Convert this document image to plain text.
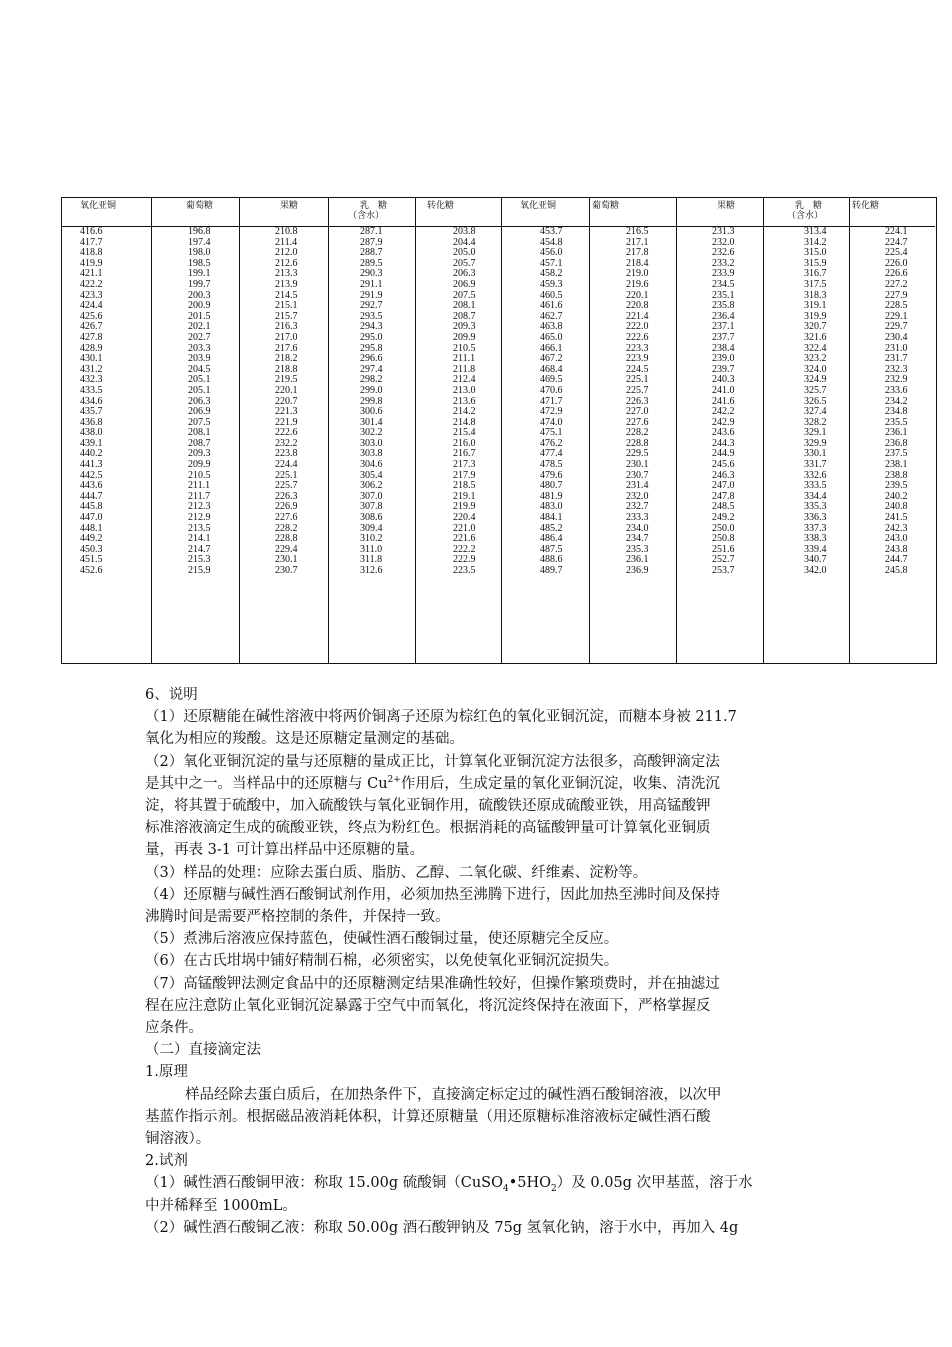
氧化亚铜
416.6
417.7
418.8
419.9
421.1
422.2
423.3
424.4
425.6
426.7
427.8
428.9
430.1
431.2
432.3
433.5
434.6
435.7
436.8
438.0
439.1
440.2
441.3
442.5
443.6
444.7
445.8
447.0
448.1
449.2
450.3
451.5
452.6
葡萄糖
196.8
197.4
198.0
198.5
199.1
199.7
200.3
200.9
201.5
202.1
202.7
203.3
203.9
204.5
205.1
205.1
206.3
206.9
207.5
208.1
208.7
209.3
209.9
210.5
211.1
211.7
212.3
212.9
213.5
214.1
214.7
215.3
215.9
果糖
210.8
211.4
212.0
212.6
213.3
213.9
214.5
215.1
215.7
216.3
217.0
217.6
218.2
218.8
219.5
220.1
220.7
221.3
221.9
222.6
232.2
223.8
224.4
225.1
225.7
226.3
226.9
227.6
228.2
228.8
229.4
230.1
230.7
乳　糖
（含水）
287.1
287.9
288.7
289.5
290.3
291.1
291.9
292.7
293.5
294.3
295.0
295.8
296.6
297.4
298.2
299.0
299.8
300.6
301.4
302.2
303.0
303.8
304.6
305.4
306.2
307.0
307.8
308.6
309.4
310.2
311.0
311.8
312.6
转化糖
203.8
204.4
205.0
205.7
206.3
206.9
207.5
208.1
208.7
209.3
209.9
210.5
211.1
211.8
212.4
213.0
213.6
214.2
214.8
215.4
216.0
216.7
217.3
217.9
218.5
219.1
219.9
220.4
221.0
221.6
222.2
222.9
223.5
氧化亚铜
453.7
454.8
456.0
457.1
458.2
459.3
460.5
461.6
462.7
463.8
465.0
466.1
467.2
468.4
469.5
470.6
471.7
472.9
474.0
475.1
476.2
477.4
478.5
479.6
480.7
481.9
483.0
484.1
485.2
486.4
487.5
488.6
489.7
葡萄糖
216.5
217.1
217.8
218.4
219.0
219.6
220.1
220.8
221.4
222.0
222.6
223.3
223.9
224.5
225.1
225.7
226.3
227.0
227.6
228.2
228.8
229.5
230.1
230.7
231.4
232.0
232.7
233.3
234.0
234.7
235.3
236.1
236.9
果糖
231.3
232.0
232.6
233.2
233.9
234.5
235.1
235.8
236.4
237.1
237.7
238.4
239.0
239.7
240.3
241.0
241.6
242.2
242.9
243.6
244.3
244.9
245.6
246.3
247.0
247.8
248.5
249.2
250.0
250.8
251.6
252.7
253.7
乳　糖
（含水）
313.4
314.2
315.0
315.9
316.7
317.5
318.3
319.1
319.9
320.7
321.6
322.4
323.2
324.0
324.9
325.7
326.5
327.4
328.2
329.1
329.9
330.1
331.7
332.6
333.5
334.4
335.3
336.3
337.3
338.3
339.4
340.7
342.0
转化糖
224.1
224.7
225.4
226.0
226.6
227.2
227.9
228.5
229.1
229.7
230.4
231.0
231.7
232.3
232.9
233.6
234.2
234.8
235.5
236.1
236.8
237.5
238.1
238.8
239.5
240.2
240.8
241.5
242.3
243.0
243.8
244.7
245.8

6、说明

（1）还原糖能在碱性溶液中将两价铜离子还原为棕红色的氧化亚铜沉淀，而糖本身被 211.7

氧化为相应的羧酸。这是还原糖定量测定的基础。

（2）氧化亚铜沉淀的量与还原糖的量成正比，计算氧化亚铜沉淀方法很多，高酸钾滴定法

是其中之一。当样品中的还原糖与 $Cu^{2+}$作用后，生成定量的氧化亚铜沉淀，收集、清洗沉

淀，将其置于硫酸中，加入硫酸铁与氧化亚铜作用，硫酸铁还原成硫酸亚铁，用高锰酸钾

标准溶液滴定生成的硫酸亚铁，终点为粉红色。根据消耗的高锰酸钾量可计算氧化亚铜质

量，再表 3-1 可计算出样品中还原糖的量。

（3）样品的处理：应除去蛋白质、脂肪、乙醇、二氧化碳、纤维素、淀粉等。

（4）还原糖与碱性酒石酸铜试剂作用，必须加热至沸腾下进行，因此加热至沸时间及保持

沸腾时间是需要严格控制的条件，并保持一致。

（5）煮沸后溶液应保持蓝色，使碱性酒石酸铜过量，使还原糖完全反应。

（6）在古氏坩埚中铺好精制石棉，必须密实，以免使氧化亚铜沉淀损失。

（7）高锰酸钾法测定食品中的还原糖测定结果准确性较好，但操作繁琐费时，并在抽滤过

程在应注意防止氧化亚铜沉淀暴露于空气中而氧化，将沉淀终保持在液面下，严格掌握反

应条件。

（二）直接滴定法

1.原理

样品经除去蛋白质后，在加热条件下，直接滴定标定过的碱性酒石酸铜溶液，以次甲

基蓝作指示剂。根据磁品液消耗体积，计算还原糖量（用还原糖标准溶液标定碱性酒石酸

铜溶液）。

2.试剂

（1）碱性酒石酸铜甲液：称取 15.00g 硫酸铜$(CuSO_4•5HO_2)$及 0.05g 次甲基蓝，溶于水

中并稀释至 1000mL。

（2）碱性酒石酸铜乙液：称取 50.00g 酒石酸钾钠及 75g 氢氧化钠，溶于水中，再加入 4g
